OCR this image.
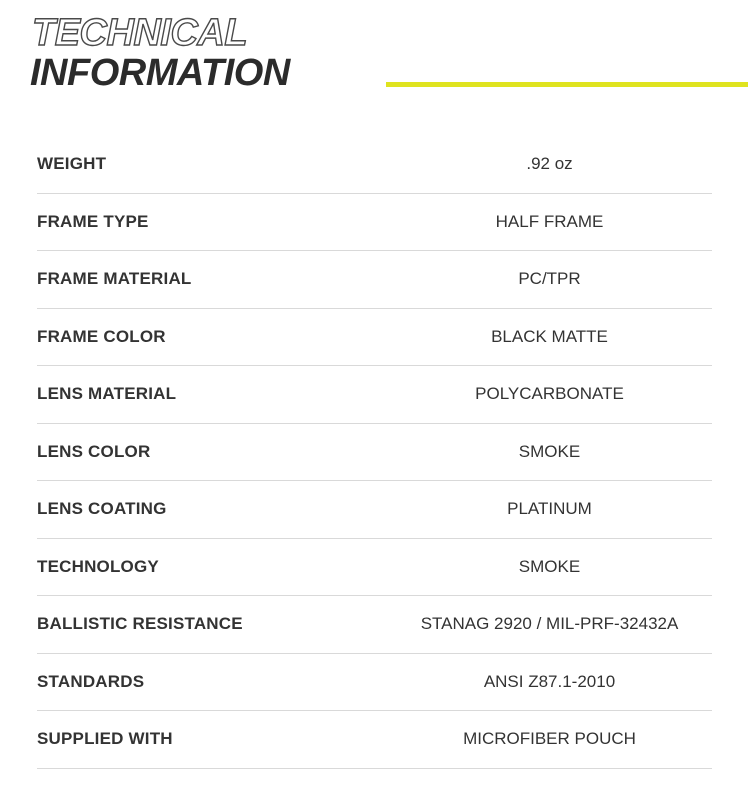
TECHNICAL
INFORMATION
WEIGHT	.92 oz
FRAME TYPE	HALF FRAME
FRAME MATERIAL	PC/TPR
FRAME COLOR	BLACK MATTE
LENS MATERIAL	POLYCARBONATE
LENS COLOR	SMOKE
LENS COATING	PLATINUM
TECHNOLOGY	SMOKE
BALLISTIC RESISTANCE	STANAG 2920 / MIL-PRF-32432A
STANDARDS	ANSI Z87.1-2010
SUPPLIED WITH	MICROFIBER POUCH
